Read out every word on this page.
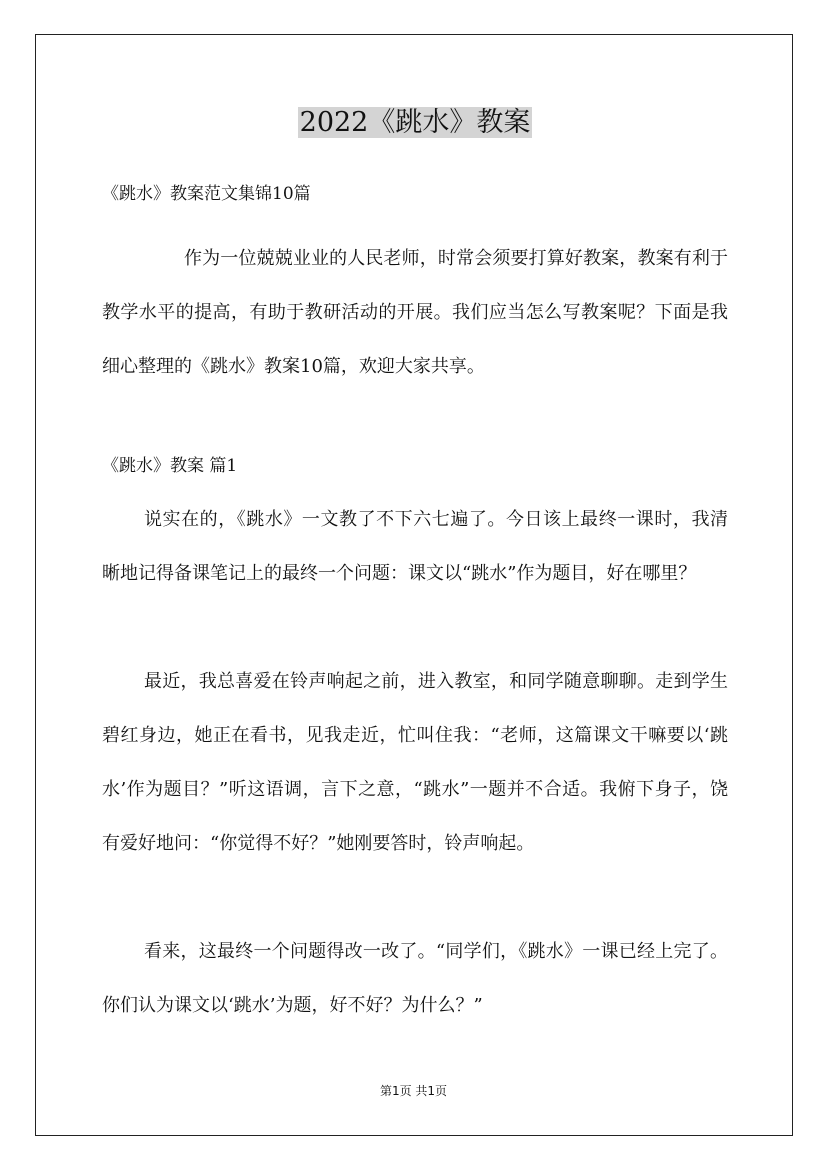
2022《跳水》教案
《跳水》教案范文集锦10篇
作为一位兢兢业业的人民老师，时常会须要打算好教案，教案有利于教学水平的提高，有助于教研活动的开展。我们应当怎么写教案呢？下面是我细心整理的《跳水》教案10篇，欢迎大家共享。
《跳水》教案 篇1
说实在的，《跳水》一文教了不下六七遍了。今日该上最终一课时，我清晰地记得备课笔记上的最终一个问题：课文以“跳水”作为题目，好在哪里？
最近，我总喜爱在铃声响起之前，进入教室，和同学随意聊聊。走到学生碧红身边，她正在看书，见我走近，忙叫住我：“老师，这篇课文干嘛要以‘跳水’作为题目？”听这语调，言下之意，“跳水”一题并不合适。我俯下身子，饶有爱好地问：“你觉得不好？”她刚要答时，铃声响起。
看来，这最终一个问题得改一改了。“同学们，《跳水》一课已经上完了。你们认为课文以‘跳水’为题，好不好？为什么？”
第1页 共1页
